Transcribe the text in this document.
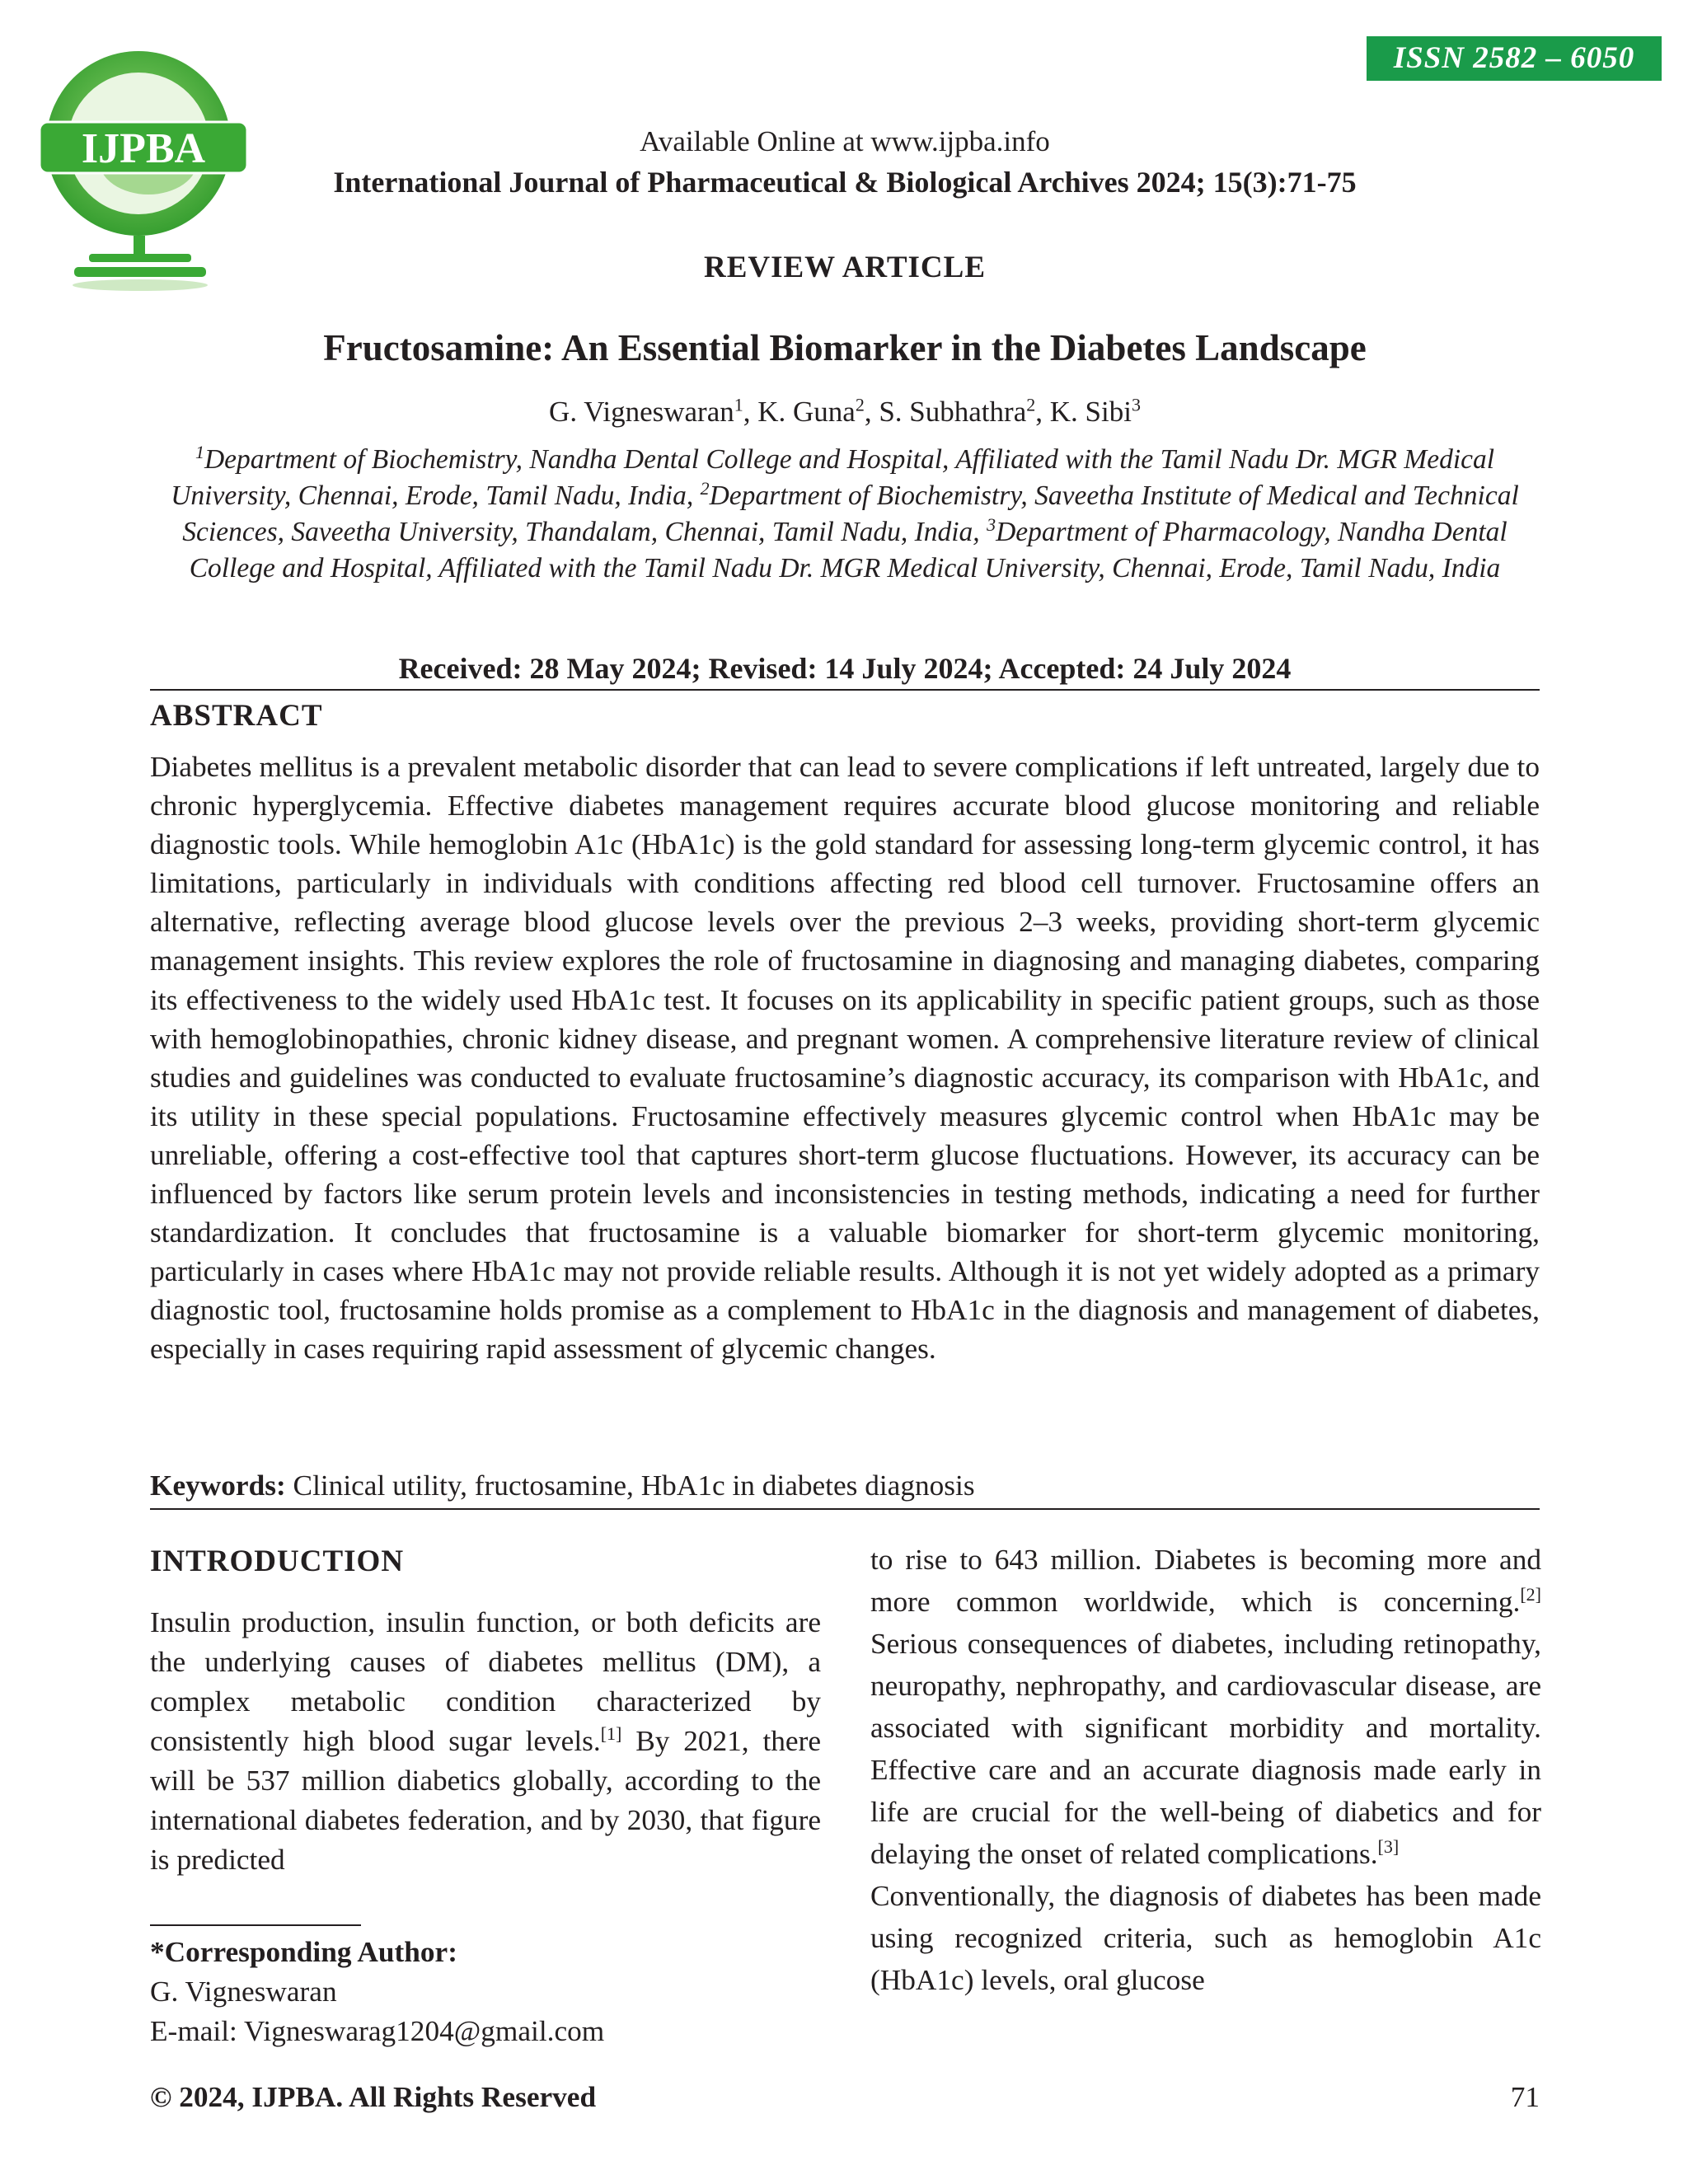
ISSN 2582 – 6050
IJPBA	Available Online at www.ijpba.info
International Journal of Pharmaceutical & Biological Archives 2024; 15(3):71-75
REVIEW ARTICLE
Fructosamine: An Essential Biomarker in the Diabetes Landscape
G. Vigneswaran$^1$, K. Guna$^2$, S. Subhathra$^2$, K. Sibi$^3$
$^1$Department of Biochemistry, Nandha Dental College and Hospital, Affiliated with the Tamil Nadu Dr. MGR Medical University, Chennai, Erode, Tamil Nadu, India, $^2$Department of Biochemistry, Saveetha Institute of Medical and Technical Sciences, Saveetha University, Thandalam, Chennai, Tamil Nadu, India, $^3$Department of Pharmacology, Nandha Dental College and Hospital, Affiliated with the Tamil Nadu Dr. MGR Medical University, Chennai, Erode, Tamil Nadu, India
Received: 28 May 2024; Revised: 14 July 2024; Accepted: 24 July 2024
ABSTRACT
Diabetes mellitus is a prevalent metabolic disorder that can lead to severe complications if left untreated, largely due to chronic hyperglycemia. Effective diabetes management requires accurate blood glucose monitoring and reliable diagnostic tools. While hemoglobin A1c (HbA1c) is the gold standard for assessing long-term glycemic control, it has limitations, particularly in individuals with conditions affecting red blood cell turnover. Fructosamine offers an alternative, reflecting average blood glucose levels over the previous 2–3 weeks, providing short-term glycemic management insights. This review explores the role of fructosamine in diagnosing and managing diabetes, comparing its effectiveness to the widely used HbA1c test. It focuses on its applicability in specific patient groups, such as those with hemoglobinopathies, chronic kidney disease, and pregnant women. A comprehensive literature review of clinical studies and guidelines was conducted to evaluate fructosamine’s diagnostic accuracy, its comparison with HbA1c, and its utility in these special populations. Fructosamine effectively measures glycemic control when HbA1c may be unreliable, offering a cost-effective tool that captures short-term glucose fluctuations. However, its accuracy can be influenced by factors like serum protein levels and inconsistencies in testing methods, indicating a need for further standardization. It concludes that fructosamine is a valuable biomarker for short-term glycemic monitoring, particularly in cases where HbA1c may not provide reliable results. Although it is not yet widely adopted as a primary diagnostic tool, fructosamine holds promise as a complement to HbA1c in the diagnosis and management of diabetes, especially in cases requiring rapid assessment of glycemic changes.
Keywords: Clinical utility, fructosamine, HbA1c in diabetes diagnosis
INTRODUCTION
Insulin production, insulin function, or both deficits are the underlying causes of diabetes mellitus (DM), a complex metabolic condition characterized by consistently high blood sugar levels.[1] By 2021, there will be 537 million diabetics globally, according to the international diabetes federation, and by 2030, that figure is predicted

to rise to 643 million. Diabetes is becoming more and more common worldwide, which is concerning.[2] Serious consequences of diabetes, including retinopathy, neuropathy, nephropathy, and cardiovascular disease, are associated with significant morbidity and mortality. Effective care and an accurate diagnosis made early in life are crucial for the well-being of diabetics and for delaying the onset of related complications.[3]

Conventionally, the diagnosis of diabetes has been made using recognized criteria, such as hemoglobin A1c (HbA1c) levels, oral glucose

*Corresponding Author:
G. Vigneswaran
E-mail: Vigneswarag1204@gmail.com
© 2024, IJPBA. All Rights Reserved	71
